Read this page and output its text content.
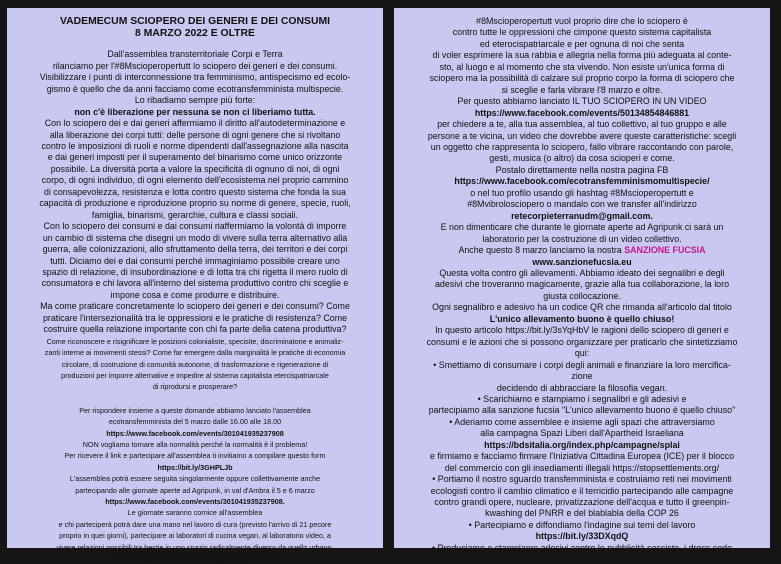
VADEMECUM SCIOPERO DEI GENERI E DEI CONSUMI
8 MARZO 2022 E OLTRE
Dall'assemblea transterritoriale Corpi e Terra
rilanciamo per l'#8Mscioperopertutt lo sciopero dei generi e dei consumi.
Visibilizzare i punti di interconnessione tra femminismo, antispecismo ed ecolo-
gismo è quello che da anni facciamo come ecotransfemminista multispecie.
Lo ribadiamo sempre più forte:
non c'è liberazione per nessuna se non ci liberiamo tutta.
Con lo sciopero dei e dai generi affermiamo il diritto all'autodeterminazione e
alla liberazione dei corpi tutti: delle persone di ogni genere che si rivoltano
contro le imposizioni di ruoli e norme dipendenti dall'assegnazione alla nascita
e dai generi imposti per il superamento del binarismo come unico orizzonte
possibile. La diversità porta a valore la specificità di ognuno di noi, di ogni
corpo, di ogni individuo, di ogni elemento dell'ecosistema nel proprio cammino
di consapevolezza, resistenza e lotta contro questo sistema che fonda la sua
capacità di produzione e riproduzione proprio su norme di genere, specie, ruoli,
famiglia, binarismi, gerarchie, cultura e classi sociali.
Con lo sciopero dei consumi e dai consumi riaffermiamo la volontà di imporre
un cambio di sistema che disegni un modo di vivere sulla terra alternativo alla
guerra, alle colonizzazioni, allo sfruttamento della terra, dei territori e dei corpi
tutti. Diciamo dei e dai consumi perché immaginiamo possibile creare uno
spazio di relazione, di insubordinazione e di lotta tra chi rigetta il mero ruolo di
consumatorə e chi lavora all'interno del sistema produttivo contro chi sceglie e
impone cosa e come produrre e distribuire.
Ma come praticare concretamente lo sciopero dei generi e dei consumi? Come
praticare l'intersezionalità tra le oppressioni e le pratiche di resistenza? Come
costruire quella relazione importante con chi fa parte della catena produttiva?
Come riconoscere e risignificare le posizioni colonialiste, specisite, discriminatorie e animaliz-
zanti interne ai movimenti stessi? Come far emergere dalla marginalità le pratiche di economia
circolare, di costruzione di comunità autonome, di trasformazione e rigenerazione di
produzioni per imporre alternative e impedire al sistema capitalista etercispatriarcale
di riprodursi e prosperare?
Per rispondere insieme a queste domande abbiamo lanciato l'assemblea
ecotransfemminista del 5 marzo dalle 16.00 alle 18.00
https://www.facebook.com/events/301041935237908
NON vogliamo tornare alla normalità perché la normalità è il problema!
Per ricevere il link e partecipare all'assemblea ti invitiamo a compilare questo form
https://bit.ly/3GHPLJb
L'assemblea potrà essere seguita singolarmente oppure collettivamente anche
partecipando alle giornate aperte ad Agripunk, in val d'Ambra il 5 e 6 marzo
https://www.facebook.com/events/301041935237908.
Le giornate saranno cornice all'assemblea
e chi parteciperà potrà dare una mano nel lavoro di cura (previsto l'arrivo di 21 pecore
proprio in quei giorni), partecipare ai laboratori di cucina vegan, al laboratorio video, a
vivere relazioni possibili tra bestie in uno spazio radicalmente diverso da quello urbano.
Per partecipare scrivere a prenotazioni@agripunk.com
#8Mscioperopertutt vuol proprio dire che lo sciopero è
contro tutte le oppressioni che cimpone questo sistema capitalista
ed eterocispatriarcale e per ognuna di noi che senta
di voler esprimere la sua rabbia e allegria nella forma più adeguata al conte-
sto, al luogo e al momento che sta vivendo. Non esiste un'unica forma di
sciopero ma la possibilità di calzare sul proprio corpo la forma di sciopero che
si sceglie e farla vibrare l'8 marzo e oltre.
Per questo abbiamo lanciato IL TUO SCIOPERO IN UN VIDEO
https://www.facebook.com/events/501348548468​81
per chiedere a te, alla tua assemblea, al tuo collettivo, al tuo gruppo e alle
persone a te vicina, un video che dovrebbe avere queste caratteristiche: scegli
un oggetto che rappresenta lo sciopero, fallo vibrare raccontando con parole,
gesti, musica (o altro) da cosa scioperi e come.
Postalo direttamente nella nostra pagina FB
https://www.facebook.com/ecotransfemminismomultispecie/
o nel tuo profilo usando gli hashtag #8Mscioperopertutt e
#8Mvibrolosciopero o mandalo con we transfer all'indirizzo
retecorpieterranudm@gmail.com.
E non dimenticare che durante le giornate aperte ad Agripunk ci sarà un
laboratorio per la costruzione di un video collettivo.
Anche questo 8 marzo lanciamo la nostra SANZIONE FUCSIA
www.sanzionefucsia.eu
Questa volta contro gli allevamenti. Abbiamo ideato dei segnalibri e degli
adesivi che troveranno magicamente, grazie alla tua collaborazione, la loro
giusta collocazione.
Ogni segnalibro e adesivo ha un codice QR che rimanda all'articolo dal titolo
L'unico allevamento buono è quello chiuso!
In questo articolo https://bit.ly/3sYqHbV le ragioni dello sciopero di generi e
consumi e le azioni che si possono organizzare per praticarlo che sintetizziamo
qui:
• Smettiamo di consumare i corpi degli animali e finanziare la loro mercifica-
zione
decidendo di abbracciare la filosofia vegan.
• Scarichiamo e stampiamo i segnalibri e gli adesivi e
partecipiamo alla sanzione fucsia "L'unico allevamento buono è quello chiuso"
• Aderiamo come assemblee e insieme agli spazi che attraversiamo
alla campagna Spazi Liberi dall'Apartheid Israeliana
https://bdsitalia.org/index.php/campagne/splai
e firmiamo e facciamo firmare l'Iniziativa Cittadina Europea (ICE) per il blocco
del commercio con gli insediamenti illegali https://stopsettlements.org/
• Portiamo il nostro sguardo transfemminista e costruiamo reti nei movimenti
ecologisti contro il cambio climatico e il terricidio partecipando alle campagne
contro grandi opere, nucleare, privatizzazione dell'acqua e tutto il greenpin-
kwashing del PNRR e del blablabla della COP 26
• Partecipiamo e diffondiamo l'indagine sui temi del lavoro
https://bit.ly/33DXqdQ
• Produciamo e stampiamo adesivi contro le pubblicità sessiste, i dress code
